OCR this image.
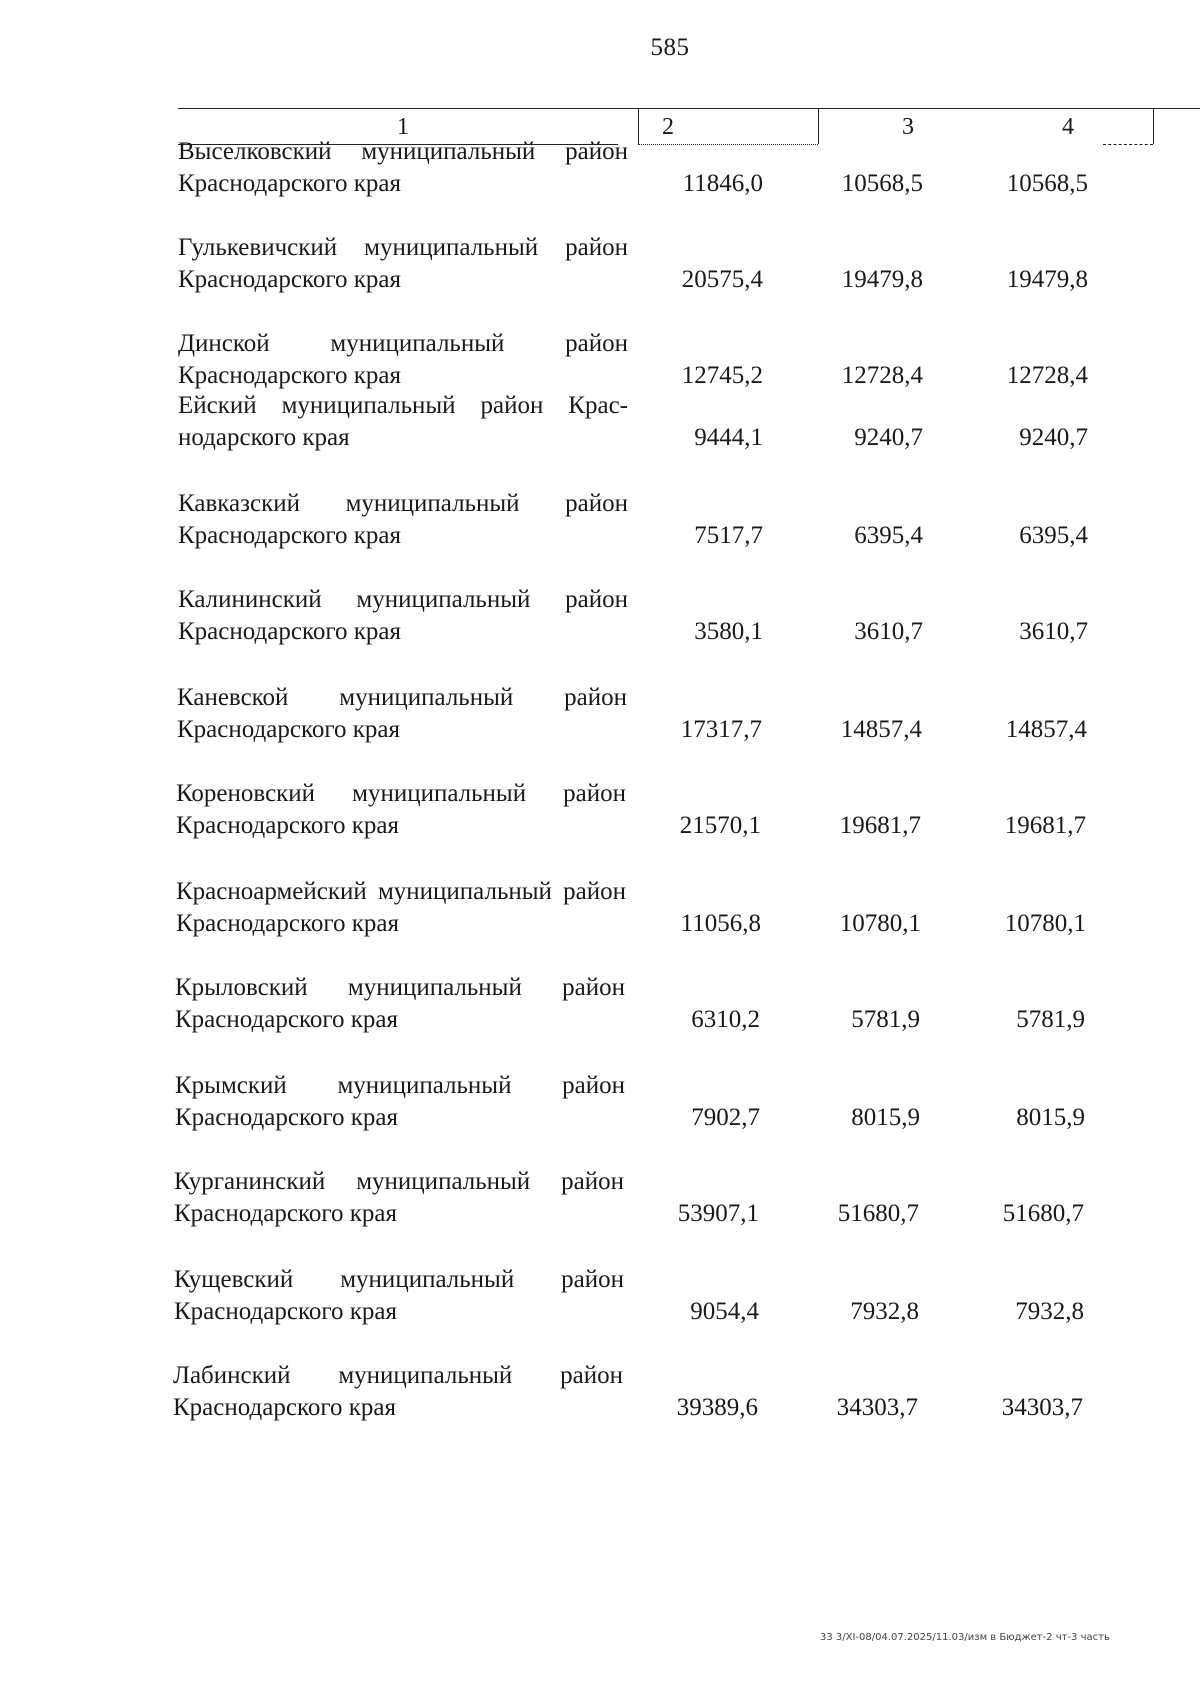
585
1	2	3	4
Выселковский муниципальный район Краснодарского края	11846,0	10568,5	10568,5
Гулькевичский муниципальный район Краснодарского края	20575,4	19479,8	19479,8
Динской муниципальный район Краснодарского края	12745,2	12728,4	12728,4
Ейский муниципальный район Крас-нодарского края	9444,1	9240,7	9240,7
Кавказский муниципальный район Краснодарского края	7517,7	6395,4	6395,4
Калининский муниципальный район Краснодарского края	3580,1	3610,7	3610,7
Каневской муниципальный район Краснодарского края	17317,7	14857,4	14857,4
Кореновский муниципальный район Краснодарского края	21570,1	19681,7	19681,7
Красноармейский муниципальный район Краснодарского края	11056,8	10780,1	10780,1
Крыловский муниципальный район Краснодарского края	6310,2	5781,9	5781,9
Крымский муниципальный район Краснодарского края	7902,7	8015,9	8015,9
Курганинский муниципальный район Краснодарского края	53907,1	51680,7	51680,7
Кущевский муниципальный район Краснодарского края	9054,4	7932,8	7932,8
Лабинский муниципальный район Краснодарского края	39389,6	34303,7	34303,7
33 3/XI-08/04.07.2025/11.03/изм в Бюджет-2 чт-3 часть
